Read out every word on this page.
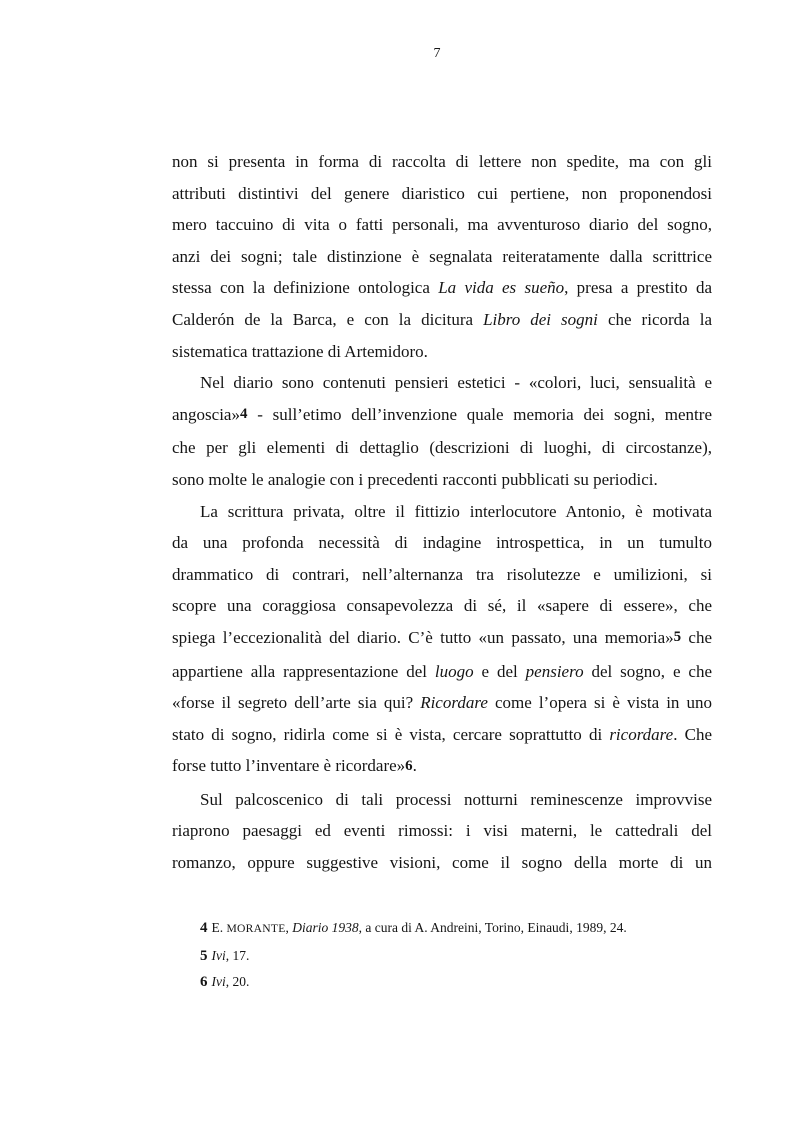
7
non si presenta in forma di raccolta di lettere non spedite, ma con gli
attributi distintivi del genere diaristico cui pertiene, non proponendosi
mero taccuino di vita o fatti personali, ma avventuroso diario del sogno,
anzi dei sogni; tale distinzione è segnalata reiteratamente dalla scrittrice
stessa con la definizione ontologica La vida es sueño, presa a prestito da
Calderón de la Barca, e con la dicitura Libro dei sogni che ricorda la
sistematica trattazione di Artemidoro.
Nel diario sono contenuti pensieri estetici - «colori, luci, sensualità e
angoscia»4 - sull’etimo dell’invenzione quale memoria dei sogni, mentre
che per gli elementi di dettaglio (descrizioni di luoghi, di circostanze),
sono molte le analogie con i precedenti racconti pubblicati su periodici.
La scrittura privata, oltre il fittizio interlocutore Antonio, è motivata
da una profonda necessità di indagine introspettica, in un tumulto
drammatico di contrari, nell’alternanza tra risolutezze e umilizioni, si
scopre una coraggiosa consapevolezza di sé, il «sapere di essere», che
spiega l’eccezionalità del diario. C’è tutto «un passato, una memoria»5 che
appartiene alla rappresentazione del luogo e del pensiero del sogno, e che
«forse il segreto dell’arte sia qui? Ricordare come l’opera si è vista in uno
stato di sogno, ridirla come si è vista, cercare soprattutto di ricordare. Che
forse tutto l’inventare è ricordare»6.
Sul palcoscenico di tali processi notturni reminescenze improvvise
riaprono paesaggi ed eventi rimossi: i visi materni, le cattedrali del
romanzo, oppure suggestive visioni, come il sogno della morte di un
4 E. MORANTE, Diario 1938, a cura di A. Andreini, Torino, Einaudi, 1989, 24.
5 Ivi, 17.
6 Ivi, 20.
